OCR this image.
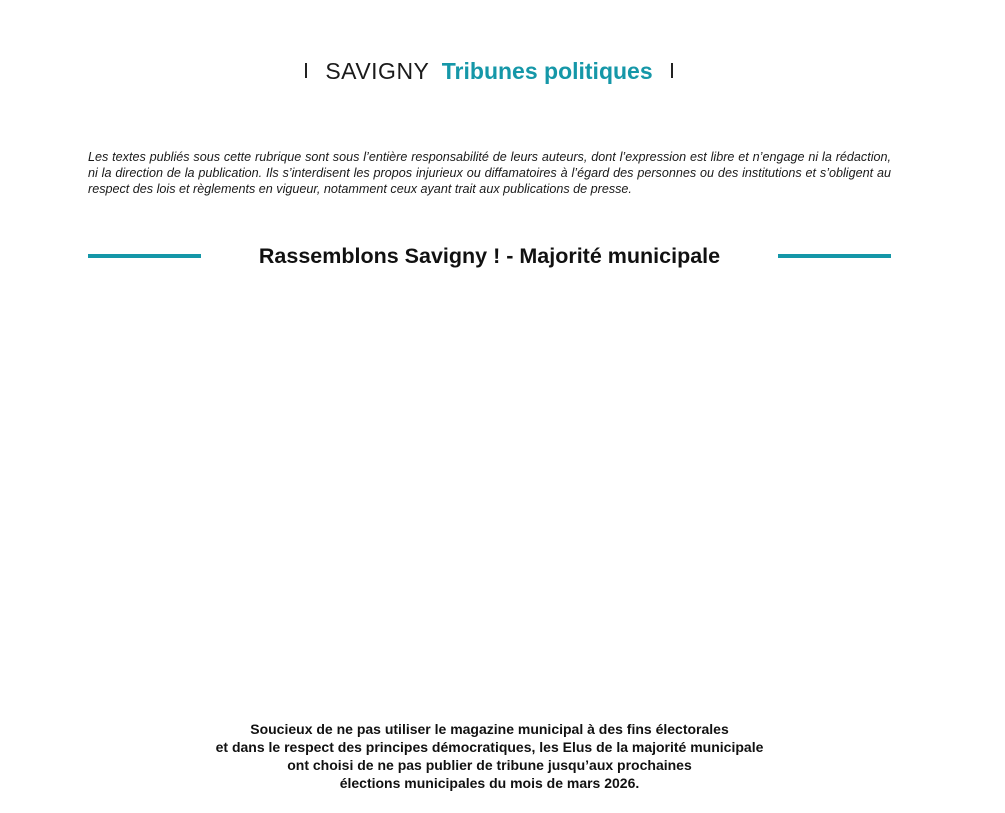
SAVIGNY Tribunes politiques

Les textes publiés sous cette rubrique sont sous l’entière responsabilité de leurs auteurs, dont l’expression est libre et n’engage ni la rédaction, ni la direction de la publication. Ils s’interdisent les propos injurieux ou diffamatoires à l’égard des personnes ou des institutions et s’obligent au respect des lois et règlements en vigueur, notamment ceux ayant trait aux publications de presse.

Rassemblons Savigny ! - Majorité municipale
Soucieux de ne pas utiliser le magazine municipal à des fins électorales
et dans le respect des principes démocratiques, les Elus de la majorité municipale
ont choisi de ne pas publier de tribune jusqu’aux prochaines
élections municipales du mois de mars 2026.
